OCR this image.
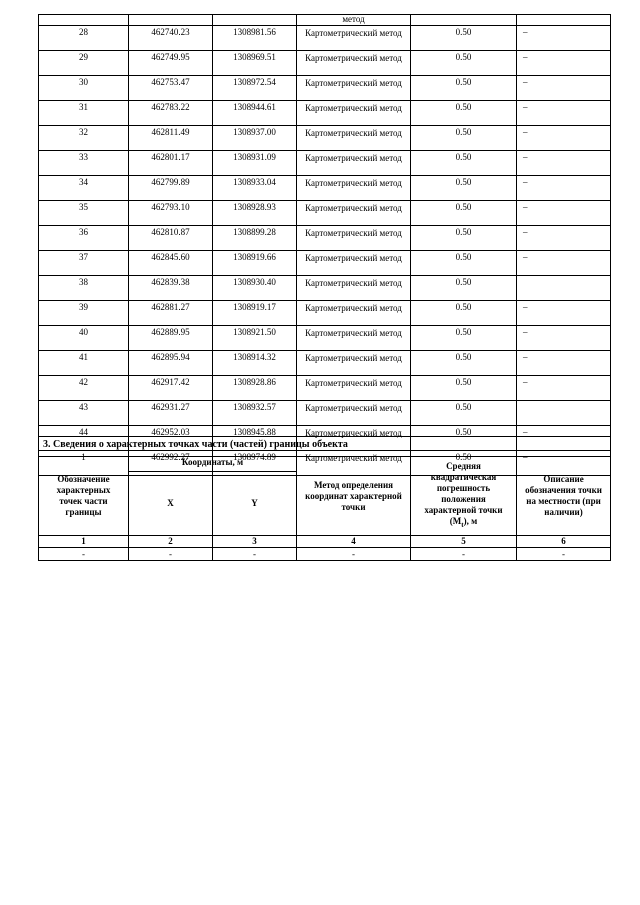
			метод		
28	462740.23	1308981.56	Картометрический метод	0.50	–
29	462749.95	1308969.51	Картометрический метод	0.50	–
30	462753.47	1308972.54	Картометрический метод	0.50	–
31	462783.22	1308944.61	Картометрический метод	0.50	–
32	462811.49	1308937.00	Картометрический метод	0.50	–
33	462801.17	1308931.09	Картометрический метод	0.50	–
34	462799.89	1308933.04	Картометрический метод	0.50	–
35	462793.10	1308928.93	Картометрический метод	0.50	–
36	462810.87	1308899.28	Картометрический метод	0.50	–
37	462845.60	1308919.66	Картометрический метод	0.50	–
38	462839.38	1308930.40	Картометрический метод	0.50	
39	462881.27	1308919.17	Картометрический метод	0.50	–
40	462889.95	1308921.50	Картометрический метод	0.50	–
41	462895.94	1308914.32	Картометрический метод	0.50	–
42	462917.42	1308928.86	Картометрический метод	0.50	–
43	462931.27	1308932.57	Картометрический метод	0.50	
44	462952.03	1308945.88	Картометрический метод	0.50	–
1	462992.27	1308974.89	Картометрический метод	0.50	–
3. Сведения о характерных точках части (частей) границы объекта					
Обозначение характерных точек части границы	Координаты, м		Метод определения координат характерной точки	Средняя квадратическая погрешность положения характерной точки $(M_t)$, м	Описание обозначения точки на местности (при наличии)
	X	Y			
1	2	3	4	5	6
-	-	-	-	-	-
